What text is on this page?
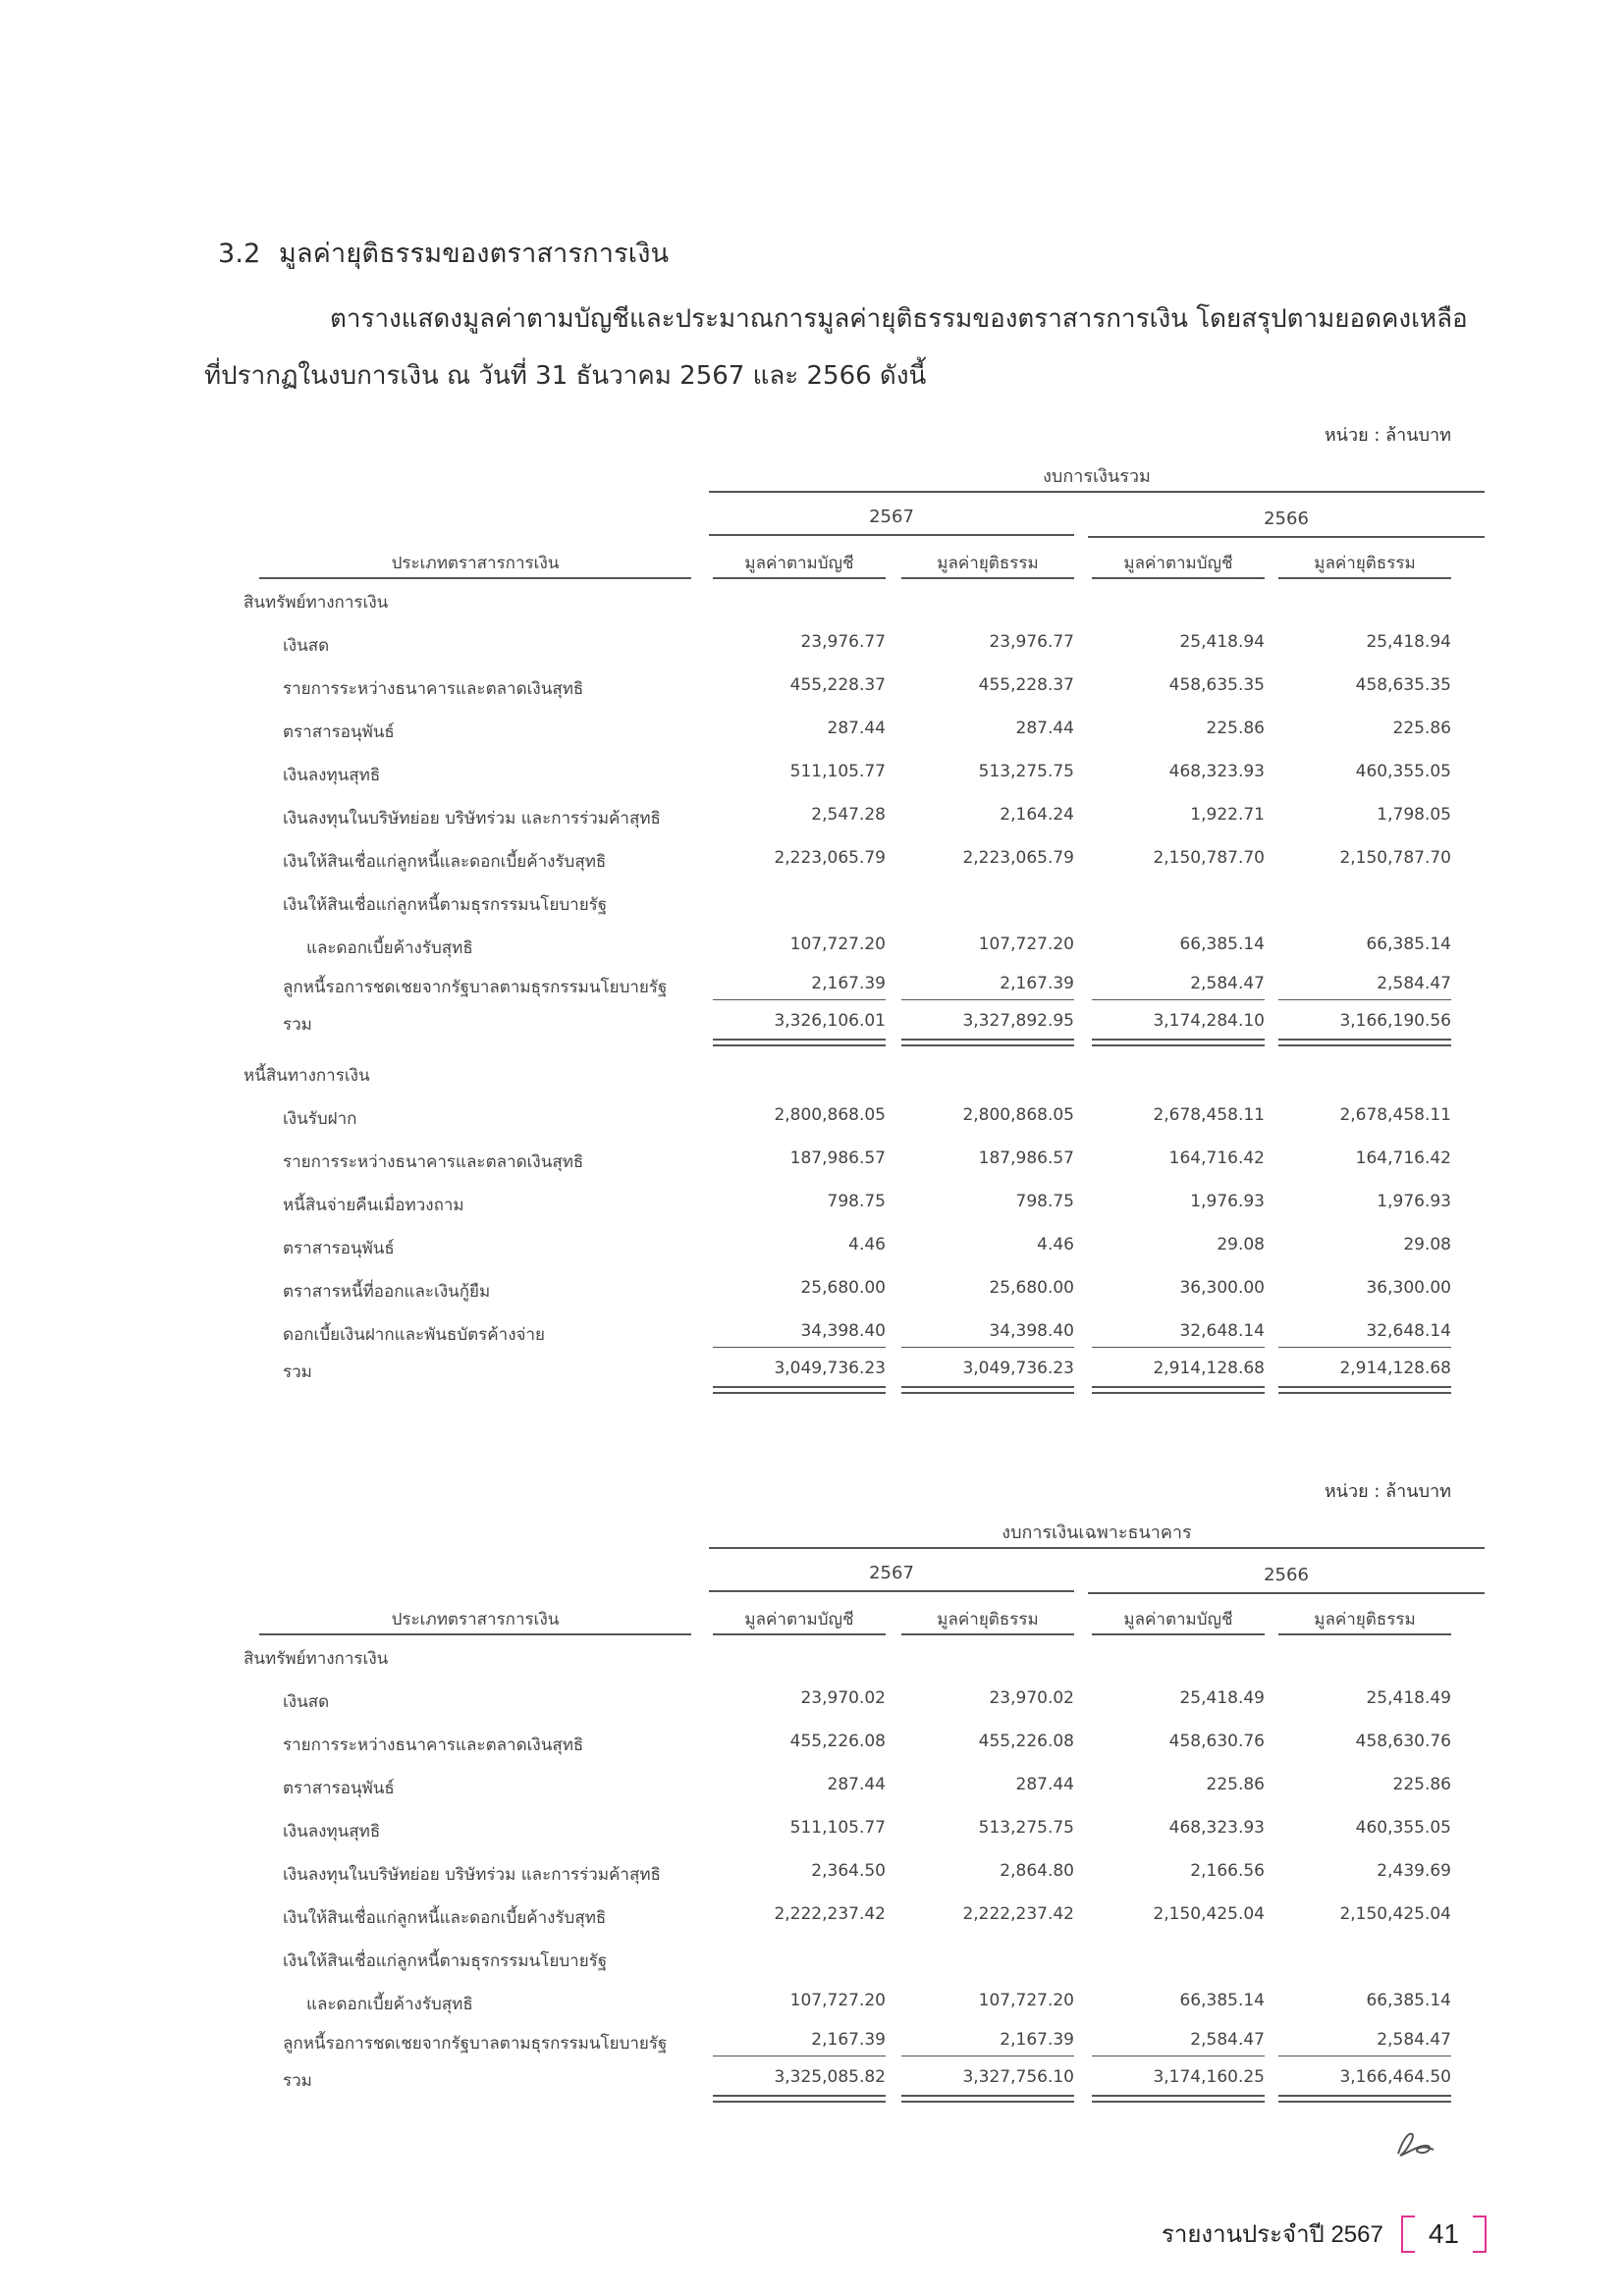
3.2 มูลค่ายุติธรรมของตราสารการเงิน
ตารางแสดงมูลค่าตามบัญชีและประมาณการมูลค่ายุติธรรมของตราสารการเงิน โดยสรุปตามยอดคงเหลือ
ที่ปรากฏในงบการเงิน ณ วันที่ 31 ธันวาคม 2567 และ 2566 ดังนี้
หน่วย : ล้านบาท
งบการเงินรวม
2567	2566
ประเภทตราสารการเงิน	มูลค่าตามบัญชี	มูลค่ายุติธรรม	มูลค่าตามบัญชี	มูลค่ายุติธรรม
สินทรัพย์ทางการเงิน
เงินสด	23,976.77	23,976.77	25,418.94	25,418.94
รายการระหว่างธนาคารและตลาดเงินสุทธิ	455,228.37	455,228.37	458,635.35	458,635.35
ตราสารอนุพันธ์	287.44	287.44	225.86	225.86
เงินลงทุนสุทธิ	511,105.77	513,275.75	468,323.93	460,355.05
เงินลงทุนในบริษัทย่อย บริษัทร่วม และการร่วมค้าสุทธิ	2,547.28	2,164.24	1,922.71	1,798.05
เงินให้สินเชื่อแก่ลูกหนี้และดอกเบี้ยค้างรับสุทธิ	2,223,065.79	2,223,065.79	2,150,787.70	2,150,787.70
เงินให้สินเชื่อแก่ลูกหนี้ตามธุรกรรมนโยบายรัฐ
และดอกเบี้ยค้างรับสุทธิ	107,727.20	107,727.20	66,385.14	66,385.14
ลูกหนี้รอการชดเชยจากรัฐบาลตามธุรกรรมนโยบายรัฐ	2,167.39	2,167.39	2,584.47	2,584.47
รวม	3,326,106.01	3,327,892.95	3,174,284.10	3,166,190.56
หนี้สินทางการเงิน
เงินรับฝาก	2,800,868.05	2,800,868.05	2,678,458.11	2,678,458.11
รายการระหว่างธนาคารและตลาดเงินสุทธิ	187,986.57	187,986.57	164,716.42	164,716.42
หนี้สินจ่ายคืนเมื่อทวงถาม	798.75	798.75	1,976.93	1,976.93
ตราสารอนุพันธ์	4.46	4.46	29.08	29.08
ตราสารหนี้ที่ออกและเงินกู้ยืม	25,680.00	25,680.00	36,300.00	36,300.00
ดอกเบี้ยเงินฝากและพันธบัตรค้างจ่าย	34,398.40	34,398.40	32,648.14	32,648.14
รวม	3,049,736.23	3,049,736.23	2,914,128.68	2,914,128.68
หน่วย : ล้านบาท
งบการเงินเฉพาะธนาคาร
2567	2566
ประเภทตราสารการเงิน	มูลค่าตามบัญชี	มูลค่ายุติธรรม	มูลค่าตามบัญชี	มูลค่ายุติธรรม
สินทรัพย์ทางการเงิน
เงินสด	23,970.02	23,970.02	25,418.49	25,418.49
รายการระหว่างธนาคารและตลาดเงินสุทธิ	455,226.08	455,226.08	458,630.76	458,630.76
ตราสารอนุพันธ์	287.44	287.44	225.86	225.86
เงินลงทุนสุทธิ	511,105.77	513,275.75	468,323.93	460,355.05
เงินลงทุนในบริษัทย่อย บริษัทร่วม และการร่วมค้าสุทธิ	2,364.50	2,864.80	2,166.56	2,439.69
เงินให้สินเชื่อแก่ลูกหนี้และดอกเบี้ยค้างรับสุทธิ	2,222,237.42	2,222,237.42	2,150,425.04	2,150,425.04
เงินให้สินเชื่อแก่ลูกหนี้ตามธุรกรรมนโยบายรัฐ
และดอกเบี้ยค้างรับสุทธิ	107,727.20	107,727.20	66,385.14	66,385.14
ลูกหนี้รอการชดเชยจากรัฐบาลตามธุรกรรมนโยบายรัฐ	2,167.39	2,167.39	2,584.47	2,584.47
รวม	3,325,085.82	3,327,756.10	3,174,160.25	3,166,464.50
รายงานประจำปี 2567	41
